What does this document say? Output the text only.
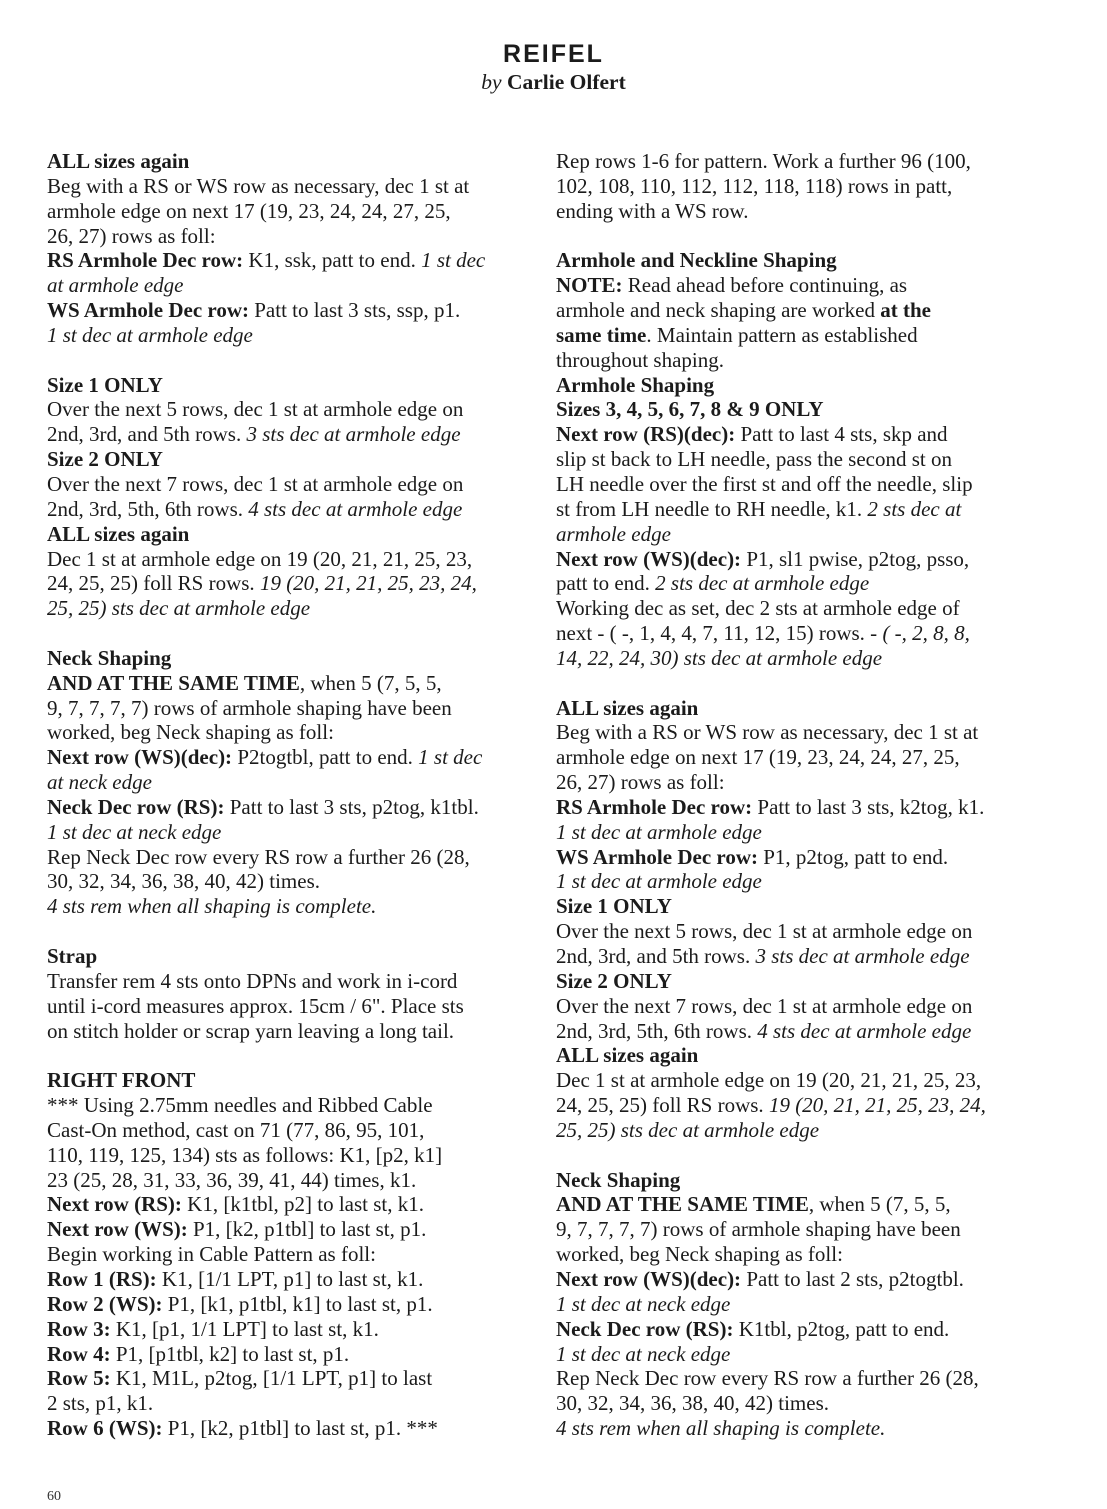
REIFEL
by Carlie Olfert
ALL sizes again
Beg with a RS or WS row as necessary, dec 1 st at
armhole edge on next 17 (19, 23, 24, 24, 27, 25,
26, 27) rows as foll:
RS Armhole Dec row: K1, ssk, patt to end. 1 st dec
at armhole edge
WS Armhole Dec row: Patt to last 3 sts, ssp, p1.
1 st dec at armhole edge
Size 1 ONLY
Over the next 5 rows, dec 1 st at armhole edge on
2nd, 3rd, and 5th rows. 3 sts dec at armhole edge
Size 2 ONLY
Over the next 7 rows, dec 1 st at armhole edge on
2nd, 3rd, 5th, 6th rows. 4 sts dec at armhole edge
ALL sizes again
Dec 1 st at armhole edge on 19 (20, 21, 21, 25, 23,
24, 25, 25) foll RS rows. 19 (20, 21, 21, 25, 23, 24,
25, 25) sts dec at armhole edge
Neck Shaping
AND AT THE SAME TIME, when 5 (7, 5, 5,
9, 7, 7, 7, 7) rows of armhole shaping have been
worked, beg Neck shaping as foll:
Next row (WS)(dec): P2togtbl, patt to end. 1 st dec
at neck edge
Neck Dec row (RS): Patt to last 3 sts, p2tog, k1tbl.
1 st dec at neck edge
Rep Neck Dec row every RS row a further 26 (28,
30, 32, 34, 36, 38, 40, 42) times.
4 sts rem when all shaping is complete.
Strap
Transfer rem 4 sts onto DPNs and work in i-cord
until i-cord measures approx. 15cm / 6". Place sts
on stitch holder or scrap yarn leaving a long tail.
RIGHT FRONT
*** Using 2.75mm needles and Ribbed Cable
Cast-On method, cast on 71 (77, 86, 95, 101,
110, 119, 125, 134) sts as follows: K1, [p2, k1]
23 (25, 28, 31, 33, 36, 39, 41, 44) times, k1.
Next row (RS): K1, [k1tbl, p2] to last st, k1.
Next row (WS): P1, [k2, p1tbl] to last st, p1.
Begin working in Cable Pattern as foll:
Row 1 (RS): K1, [1/1 LPT, p1] to last st, k1.
Row 2 (WS): P1, [k1, p1tbl, k1] to last st, p1.
Row 3: K1, [p1, 1/1 LPT] to last st, k1.
Row 4: P1, [p1tbl, k2] to last st, p1.
Row 5: K1, M1L, p2tog, [1/1 LPT, p1] to last
2 sts, p1, k1.
Row 6 (WS): P1, [k2, p1tbl] to last st, p1. ***
Rep rows 1-6 for pattern. Work a further 96 (100,
102, 108, 110, 112, 112, 118, 118) rows in patt,
ending with a WS row.
Armhole and Neckline Shaping
NOTE: Read ahead before continuing, as
armhole and neck shaping are worked at the
same time. Maintain pattern as established
throughout shaping.
Armhole Shaping
Sizes 3, 4, 5, 6, 7, 8 & 9 ONLY
Next row (RS)(dec): Patt to last 4 sts, skp and
slip st back to LH needle, pass the second st on
LH needle over the first st and off the needle, slip
st from LH needle to RH needle, k1. 2 sts dec at
armhole edge
Next row (WS)(dec): P1, sl1 pwise, p2tog, psso,
patt to end. 2 sts dec at armhole edge
Working dec as set, dec 2 sts at armhole edge of
next - ( -, 1, 4, 4, 7, 11, 12, 15) rows. - ( -, 2, 8, 8,
14, 22, 24, 30) sts dec at armhole edge
ALL sizes again
Beg with a RS or WS row as necessary, dec 1 st at
armhole edge on next 17 (19, 23, 24, 24, 27, 25,
26, 27) rows as foll:
RS Armhole Dec row: Patt to last 3 sts, k2tog, k1.
1 st dec at armhole edge
WS Armhole Dec row: P1, p2tog, patt to end.
1 st dec at armhole edge
Size 1 ONLY
Over the next 5 rows, dec 1 st at armhole edge on
2nd, 3rd, and 5th rows. 3 sts dec at armhole edge
Size 2 ONLY
Over the next 7 rows, dec 1 st at armhole edge on
2nd, 3rd, 5th, 6th rows. 4 sts dec at armhole edge
ALL sizes again
Dec 1 st at armhole edge on 19 (20, 21, 21, 25, 23,
24, 25, 25) foll RS rows. 19 (20, 21, 21, 25, 23, 24,
25, 25) sts dec at armhole edge
Neck Shaping
AND AT THE SAME TIME, when 5 (7, 5, 5,
9, 7, 7, 7, 7) rows of armhole shaping have been
worked, beg Neck shaping as foll:
Next row (WS)(dec): Patt to last 2 sts, p2togtbl.
1 st dec at neck edge
Neck Dec row (RS): K1tbl, p2tog, patt to end.
1 st dec at neck edge
Rep Neck Dec row every RS row a further 26 (28,
30, 32, 34, 36, 38, 40, 42) times.
4 sts rem when all shaping is complete.
60
